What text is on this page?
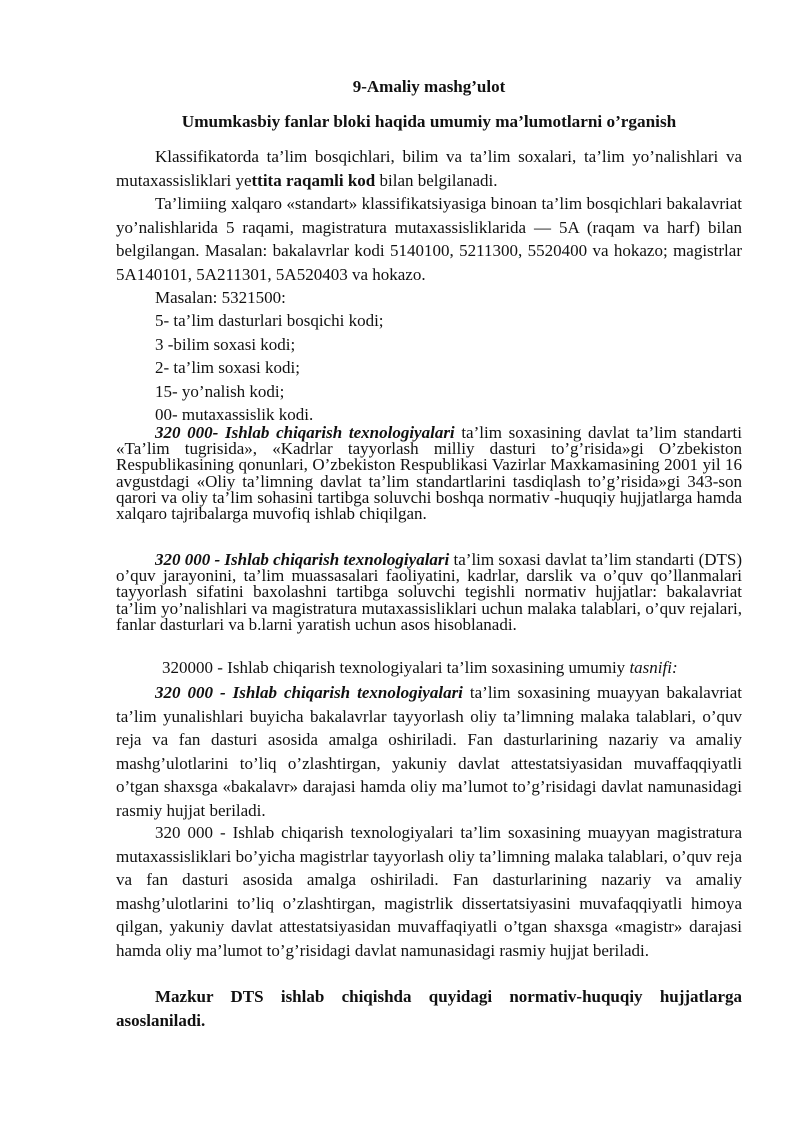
9-Amaliy mashg’ulot
Umumkasbiy fanlar bloki haqida umumiy ma’lumotlarni o’rganish

Klassifikatorda ta’lim bosqichlari, bilim va ta’lim soxalari, ta’lim yo’nalishlari va mutaxassisliklari yettita raqamli kod bilan belgilanadi.

Ta’limiing xalqaro «standart» klassifikatsiyasiga binoan ta’lim bosqichlari bakalavriat yo’nalishlarida 5 raqami, magistratura mutaxassisliklarida — 5A (raqam va harf) bilan belgilangan. Masalan: bakalavrlar kodi 5140100, 5211300, 5520400 va hokazo; magistrlar 5A140101, 5A211301, 5A520403 va hokazo.

Masalan: 5321500:

5- ta’lim dasturlari bosqichi kodi;

3 -bilim soxasi kodi;

2- ta’lim soxasi kodi;

15- yo’nalish kodi;

00- mutaxassislik kodi.

320 000- Ishlab chiqarish texnologiyalari ta’lim soxasining davlat ta’lim standarti «Ta’lim tugrisida», «Kadrlar tayyorlash milliy dasturi to’g’risida»gi O’zbekiston Respublikasining qonunlari, O’zbekiston Respublikasi Vazirlar Maxkamasining 2001 yil 16 avgustdagi «Oliy ta’limning davlat ta’lim standartlarini tasdiqlash to’g’risida»gi 343-son qarori va oliy ta’lim sohasini tartibga soluvchi boshqa normativ -huquqiy hujjatlarga hamda xalqaro tajribalarga muvofiq ishlab chiqilgan.

320 000 - Ishlab chiqarish texnologiyalari ta’lim soxasi davlat ta’lim standarti (DTS) o’quv jarayonini, ta’lim muassasalari faoliyatini, kadrlar, darslik va o’quv qo’llanmalari tayyorlash sifatini baxolashni tartibga soluvchi tegishli normativ hujjatlar: bakalavriat ta’lim yo’nalishlari va magistratura mutaxassisliklari uchun malaka talablari, o’quv rejalari, fanlar dasturlari va b.larni yaratish uchun asos hisoblanadi.

320000 - Ishlab chiqarish texnologiyalari ta’lim soxasining umumiy tasnifi:

320 000 - Ishlab chiqarish texnologiyalari ta’lim soxasining muayyan bakalavriat ta’lim yunalishlari buyicha bakalavrlar tayyorlash oliy ta’limning malaka talablari, o’quv reja va fan dasturi asosida amalga oshiriladi. Fan dasturlarining nazariy va amaliy mashg’ulotlarini to’liq o’zlashtirgan, yakuniy davlat attestatsiyasidan muvaffaqqiyatli o’tgan shaxsga «bakalavr» darajasi hamda oliy ma’lumot to’g’risidagi davlat namunasidagi rasmiy hujjat beriladi.

320 000 - Ishlab chiqarish texnologiyalari ta’lim soxasining muayyan magistratura mutaxassisliklari bo’yicha magistrlar tayyorlash oliy ta’limning malaka talablari, o’quv reja va fan dasturi asosida amalga oshiriladi. Fan dasturlarining nazariy va amaliy mashg’ulotlarini to’liq o’zlashtirgan, magistrlik dissertatsiyasini muvafaqqiyatli himoya qilgan, yakuniy davlat attestatsiyasidan muvaffaqiyatli o’tgan shaxsga «magistr» darajasi hamda oliy ma’lumot to’g’risidagi davlat namunasidagi rasmiy hujjat beriladi.

Mazkur DTS ishlab chiqishda quyidagi normativ-huquqiy hujjatlarga asoslaniladi.
